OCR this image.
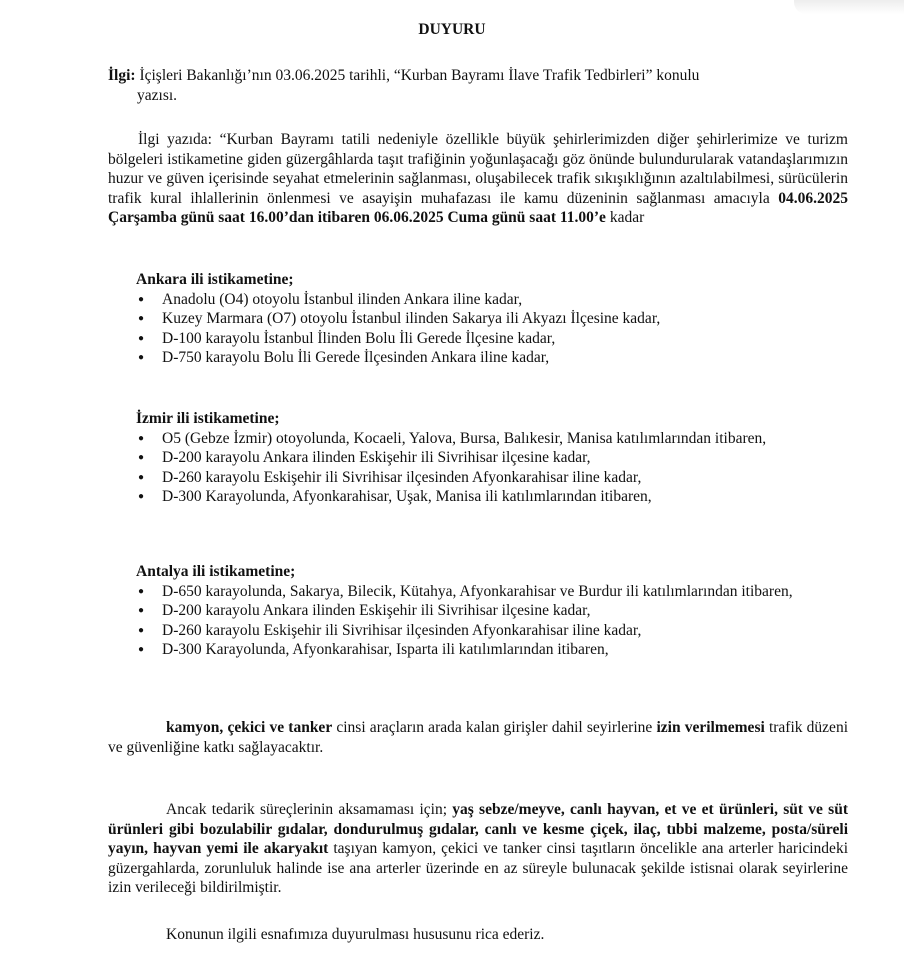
DUYURU
İlgi: İçişleri Bakanlığı’nın 03.06.2025 tarihli, “Kurban Bayramı İlave Trafik Tedbirleri” konulu
yazısı.
İlgi yazıda: “Kurban Bayramı tatili nedeniyle özellikle büyük şehirlerimizden diğer şehirlerimize ve turizm bölgeleri istikametine giden güzergâhlarda taşıt trafiğinin yoğunlaşacağı göz önünde bulundurularak vatandaşlarımızın huzur ve güven içerisinde seyahat etmelerinin sağlanması, oluşabilecek trafik sıkışıklığının azaltılabilmesi, sürücülerin trafik kural ihlallerinin önlenmesi ve asayişin muhafazası ile kamu düzeninin sağlanması amacıyla 04.06.2025 Çarşamba günü saat 16.00’dan itibaren 06.06.2025 Cuma günü saat 11.00’e kadar
Ankara ili istikametine;
● Anadolu (O4) otoyolu İstanbul ilinden Ankara iline kadar,
● Kuzey Marmara (O7) otoyolu İstanbul ilinden Sakarya ili Akyazı İlçesine kadar,
● D-100 karayolu İstanbul İlinden Bolu İli Gerede İlçesine kadar,
● D-750 karayolu Bolu İli Gerede İlçesinden Ankara iline kadar,
İzmir ili istikametine;
● O5 (Gebze İzmir) otoyolunda, Kocaeli, Yalova, Bursa, Balıkesir, Manisa katılımlarından itibaren,
● D-200 karayolu Ankara ilinden Eskişehir ili Sivrihisar ilçesine kadar,
● D-260 karayolu Eskişehir ili Sivrihisar ilçesinden Afyonkarahisar iline kadar,
● D-300 Karayolunda, Afyonkarahisar, Uşak, Manisa ili katılımlarından itibaren,
Antalya ili istikametine;
● D-650 karayolunda, Sakarya, Bilecik, Kütahya, Afyonkarahisar ve Burdur ili katılımlarından itibaren,
● D-200 karayolu Ankara ilinden Eskişehir ili Sivrihisar ilçesine kadar,
● D-260 karayolu Eskişehir ili Sivrihisar ilçesinden Afyonkarahisar iline kadar,
● D-300 Karayolunda, Afyonkarahisar, Isparta ili katılımlarından itibaren,
kamyon, çekici ve tanker cinsi araçların arada kalan girişler dahil seyirlerine izin verilmemesi trafik düzeni ve güvenliğine katkı sağlayacaktır.
Ancak tedarik süreçlerinin aksamaması için; yaş sebze/meyve, canlı hayvan, et ve et ürünleri, süt ve süt ürünleri gibi bozulabilir gıdalar, dondurulmuş gıdalar, canlı ve kesme çiçek, ilaç, tıbbi malzeme, posta/süreli yayın, hayvan yemi ile akaryakıt taşıyan kamyon, çekici ve tanker cinsi taşıtların öncelikle ana arterler haricindeki güzergahlarda, zorunluluk halinde ise ana arterler üzerinde en az süreyle bulunacak şekilde istisnai olarak seyirlerine izin verileceği bildirilmiştir.
Konunun ilgili esnafımıza duyurulması hususunu rica ederiz.
